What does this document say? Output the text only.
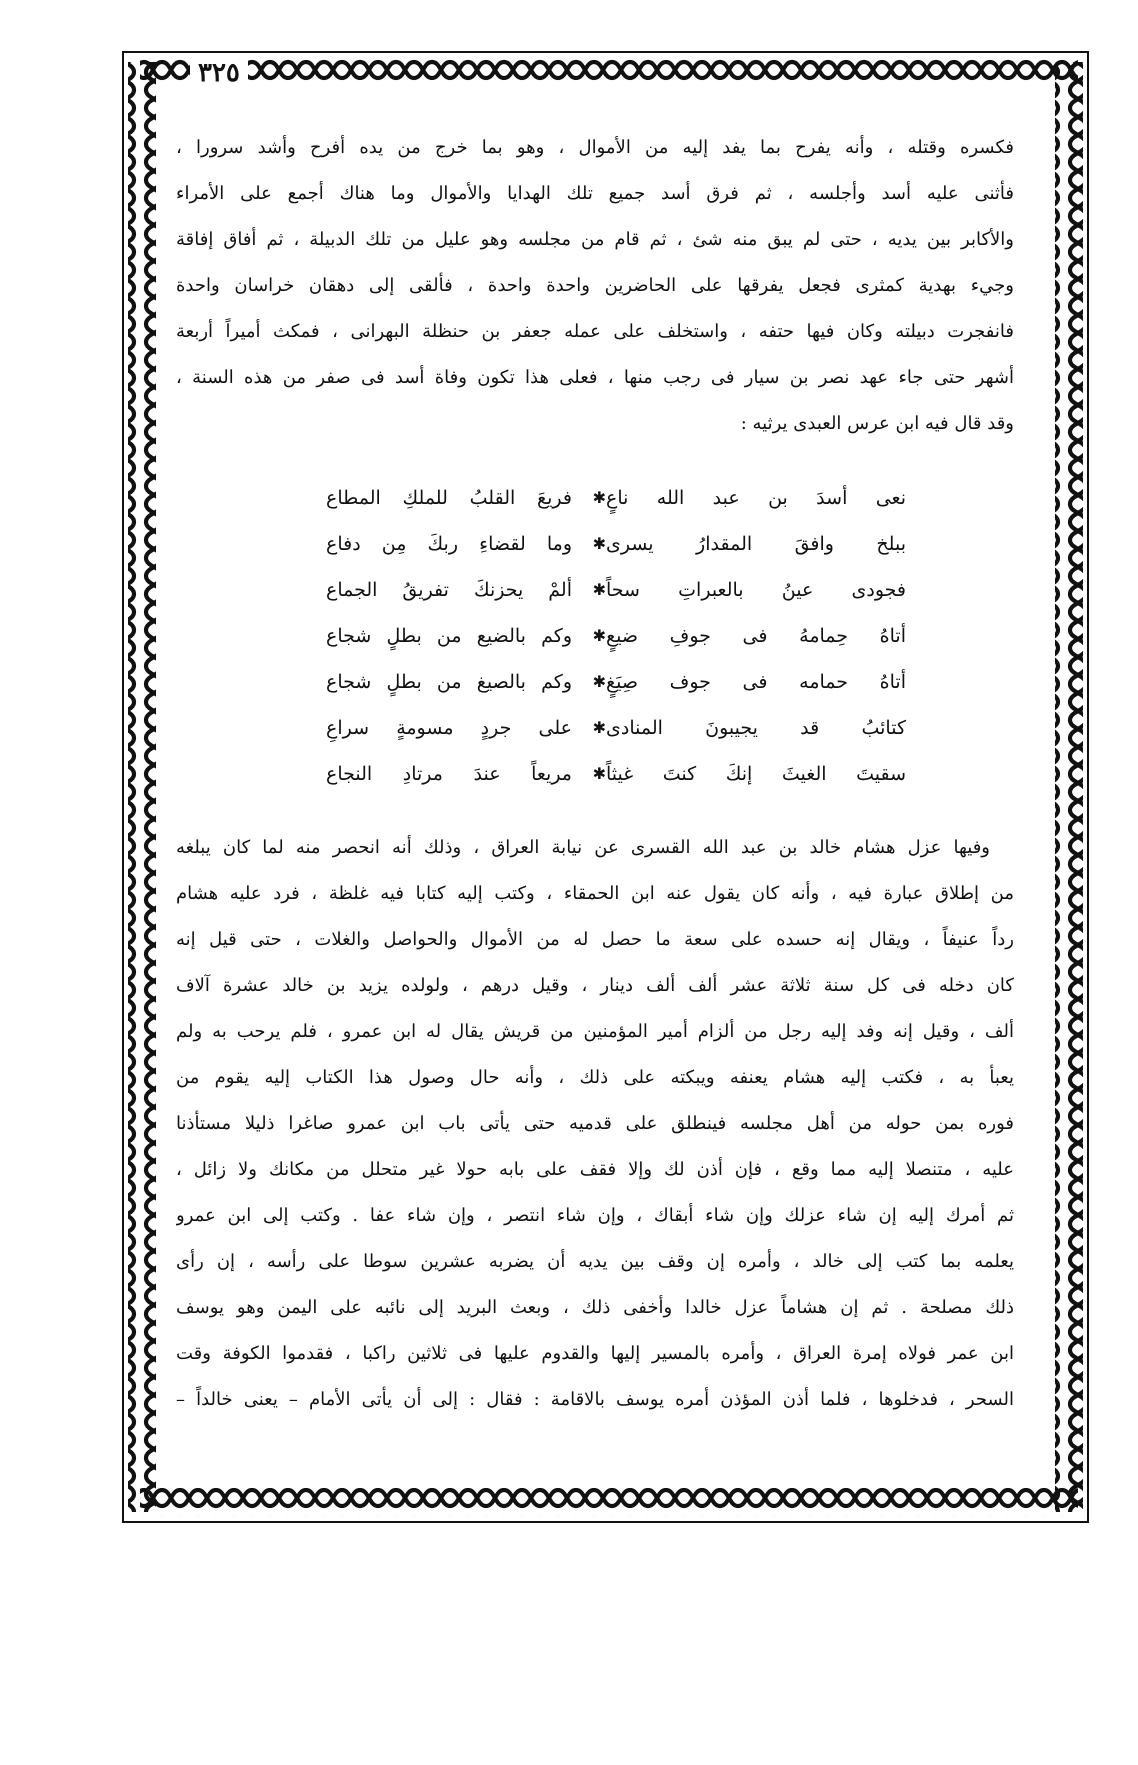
٣٢٥
فكسره وقتله ، وأنه يفرح بما يفد إليه من الأموال ، وهو بما خرج من يده أفرح وأشد سرورا ،
فأثنى عليه أسد وأجلسه ، ثم فرق أسد جميع تلك الهدايا والأموال وما هناك أجمع على الأمراء
والأكابر بين يديه ، حتى لم يبق منه شئ ، ثم قام من مجلسه وهو عليل من تلك الدبيلة ، ثم أفاق إفاقة
وجيء بهدية كمثرى فجعل يفرقها على الحاضرين واحدة واحدة ، فألقى إلى دهقان خراسان واحدة
فانفجرت دبيلته وكان فيها حتفه ، واستخلف على عمله جعفر بن حنظلة البهرانى ، فمكث أميراً أربعة
أشهر حتى جاء عهد نصر بن سيار فى رجب منها ، فعلى هذا تكون وفاة أسد فى صفر من هذه السنة ،
وقد قال فيه ابن عرس العبدى يرثيه :
نعى أسدَ بن عبد الله ناعٍ
✱
فريعَ القلبُ للملكِ المطاع
ببلخ وافقَ المقدارُ يسرى
✱
وما لقضاءِ ربكَ مِن دفاع
فجودى عينُ بالعبراتِ سحاً
✱
ألمْ يحزنكَ تفريقُ الجماع
أتاهُ حِمامهُ فى جوفِ ضيعٍ
✱
وكم بالضيع من بطلٍ شجاع
أتاهُ حمامه فى جوف صِيَغٍ
✱
وكم بالصيغ من بطلٍ شجاع
كتائبُ قد يجيبونَ المنادى
✱
على جردٍ مسومةٍ سراعِ
سقيتَ الغيثَ إنكَ كنتَ غيثاً
✱
مريعاً عندَ مرتادِ النجاع
وفيها عزل هشام خالد بن عبد الله القسرى عن نيابة العراق ، وذلك أنه انحصر منه لما كان يبلغه
من إطلاق عبارة فيه ، وأنه كان يقول عنه ابن الحمقاء ، وكتب إليه كتابا فيه غلظة ، فرد عليه هشام
رداً عنيفاً ، ويقال إنه حسده على سعة ما حصل له من الأموال والحواصل والغلات ، حتى قيل إنه
كان دخله فى كل سنة ثلاثة عشر ألف ألف دينار ، وقيل درهم ، ولولده يزيد بن خالد عشرة آلاف
ألف ، وقيل إنه وفد إليه رجل من ألزام أمير المؤمنين من قريش يقال له ابن عمرو ، فلم يرحب به ولم
يعبأ به ، فكتب إليه هشام يعنفه ويبكته على ذلك ، وأنه حال وصول هذا الكتاب إليه يقوم من
فوره بمن حوله من أهل مجلسه فينطلق على قدميه حتى يأتى باب ابن عمرو صاغرا ذليلا مستأذنا
عليه ، متنصلا إليه مما وقع ، فإن أذن لك وإلا فقف على بابه حولا غير متحلل من مكانك ولا زائل ،
ثم أمرك إليه إن شاء عزلك وإن شاء أبقاك ، وإن شاء انتصر ، وإن شاء عفا . وكتب إلى ابن عمرو
يعلمه بما كتب إلى خالد ، وأمره إن وقف بين يديه أن يضربه عشرين سوطا على رأسه ، إن رأى
ذلك مصلحة . ثم إن هشاماً عزل خالدا وأخفى ذلك ، وبعث البريد إلى نائبه على اليمن وهو يوسف
ابن عمر فولاه إمرة العراق ، وأمره بالمسير إليها والقدوم عليها فى ثلاثين راكبا ، فقدموا الكوفة وقت
السحر ، فدخلوها ، فلما أذن المؤذن أمره يوسف بالاقامة : فقال : إلى أن يأتى الأمام – يعنى خالداً –
